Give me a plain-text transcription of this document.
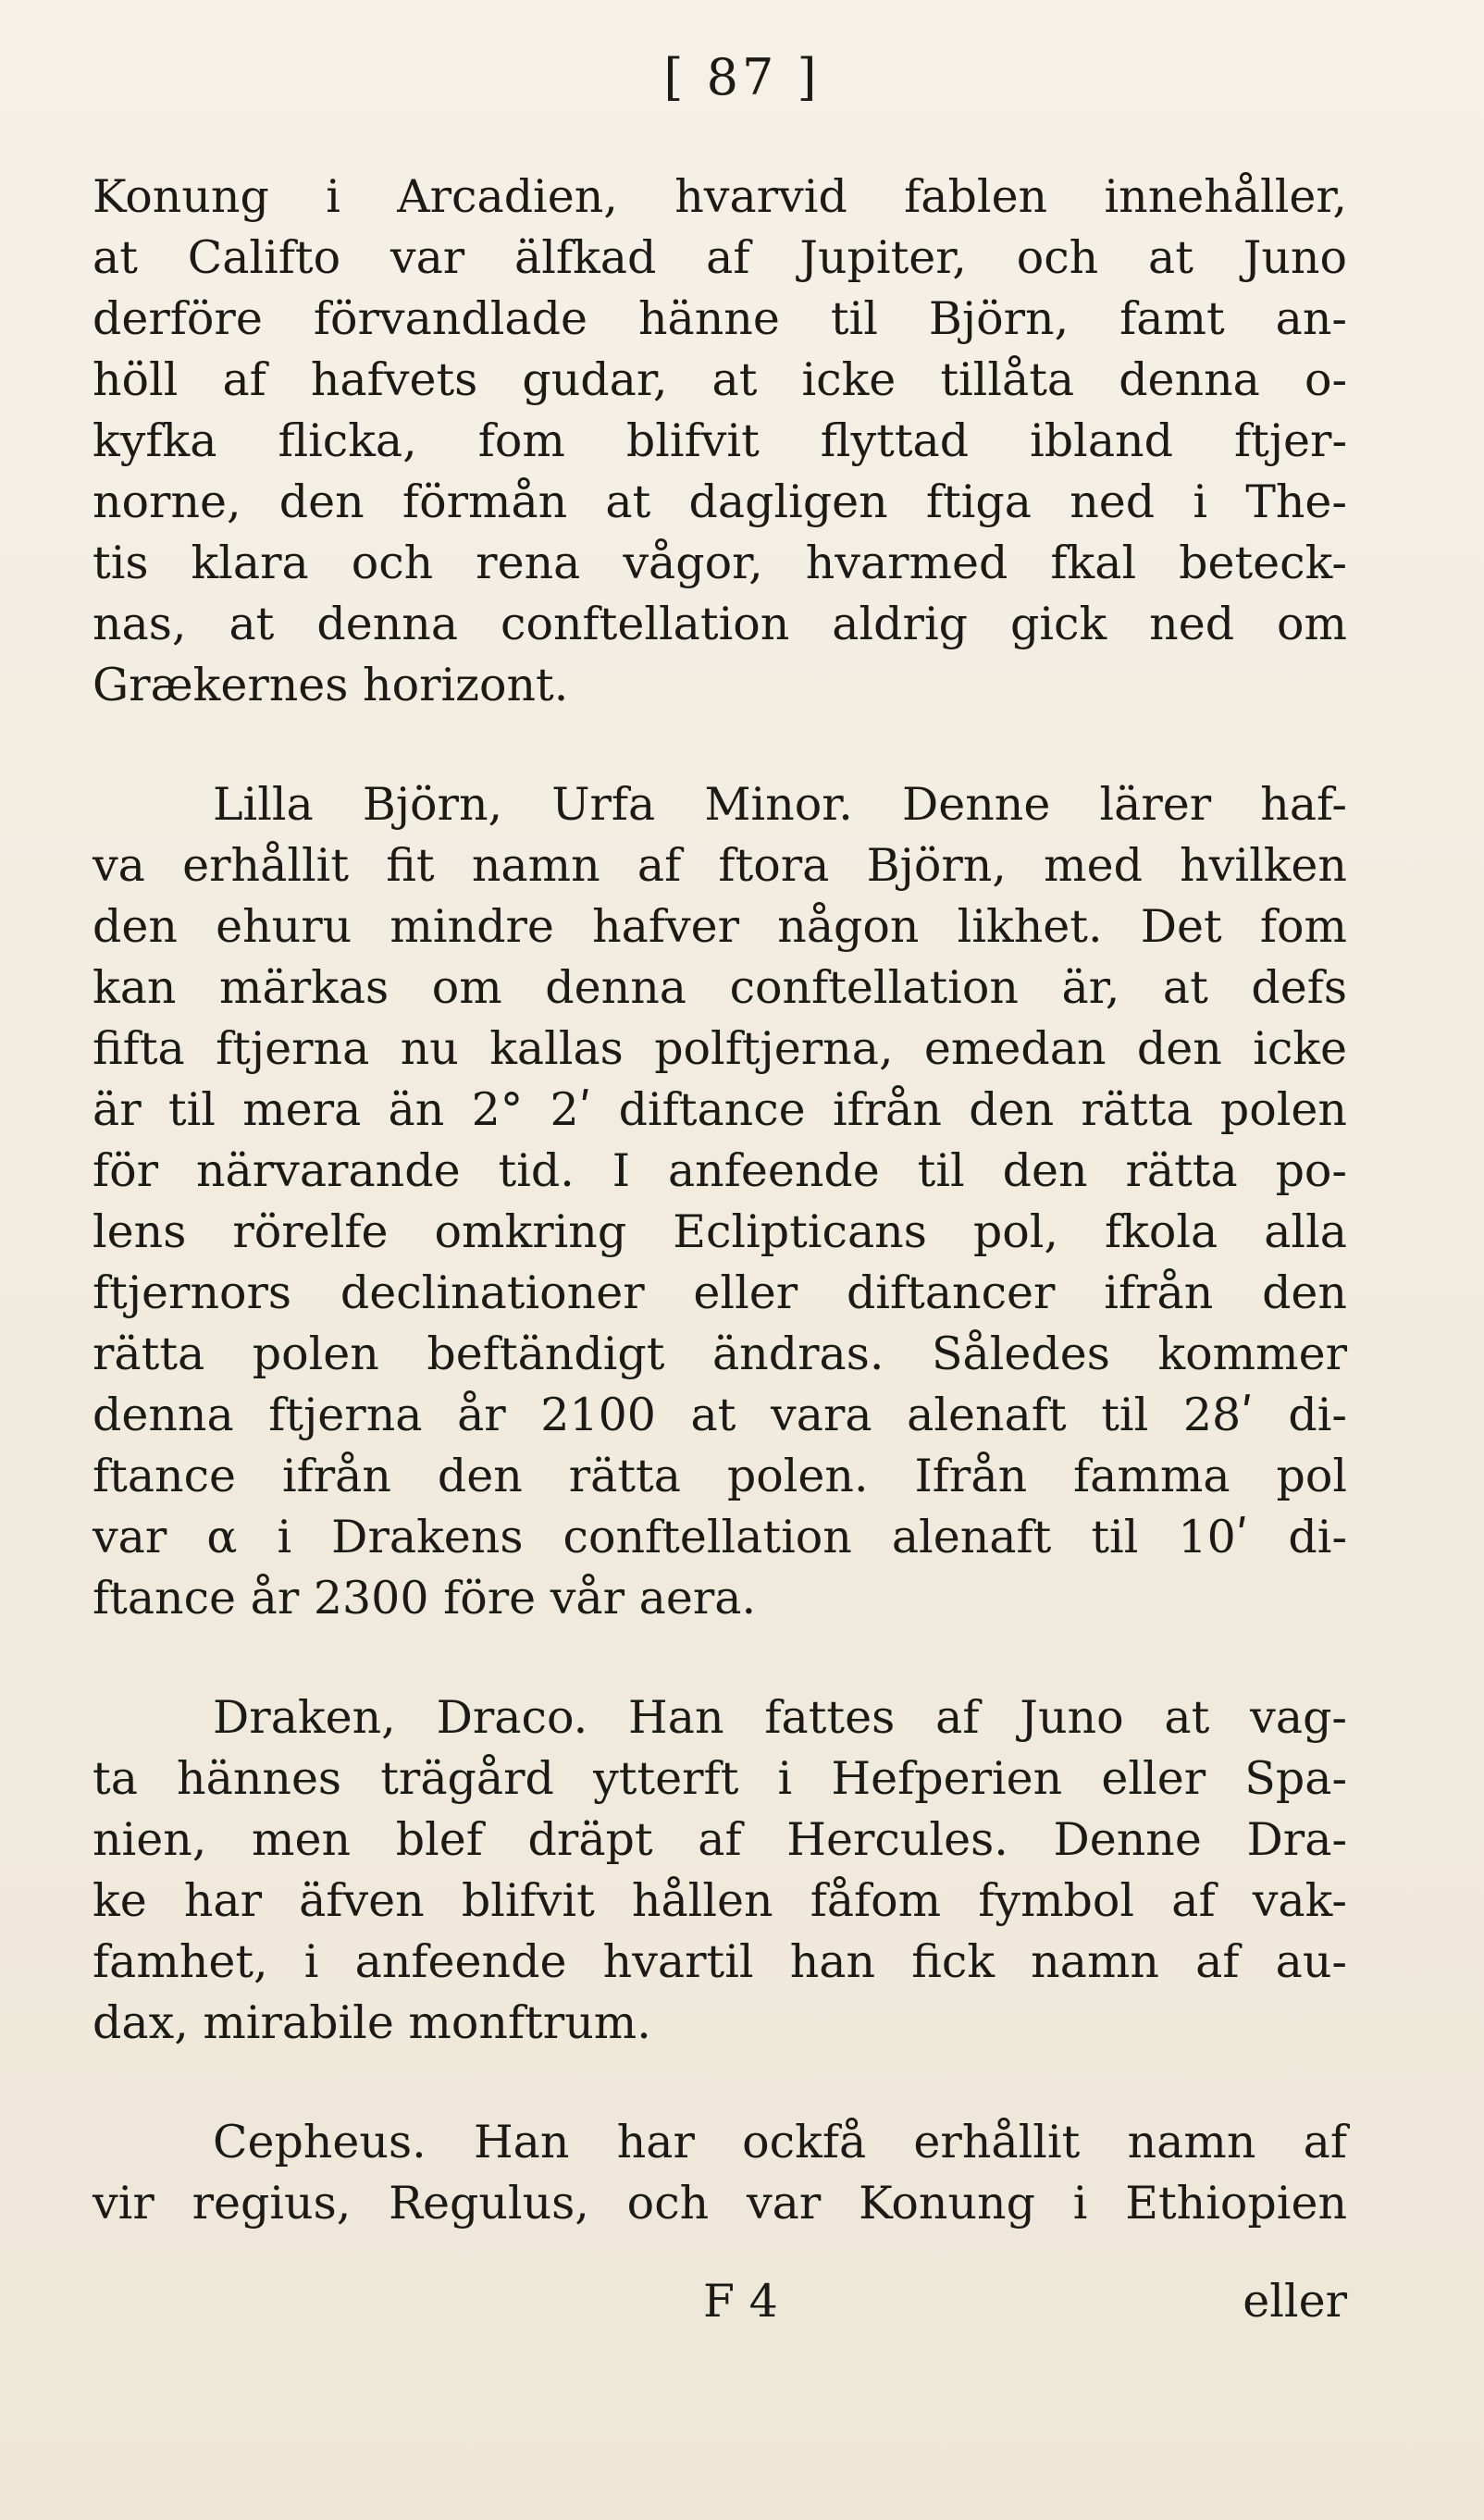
[ 87 ]
Konung i Arcadien, hvarvid fablen innehåller,
at Califto var älfkad af Jupiter, och at Juno
derföre förvandlade hänne til Björn, famt an-
höll af hafvets gudar, at icke tillåta denna o-
kyfka flicka, fom blifvit flyttad ibland ftjer-
norne, den förmån at dagligen ftiga ned i The-
tis klara och rena vågor, hvarmed fkal beteck-
nas, at denna conftellation aldrig gick ned om
Grækernes horizont.
Lilla Björn, Urfa Minor. Denne lärer haf-
va erhållit fit namn af ftora Björn, med hvilken
den ehuru mindre hafver någon likhet. Det fom
kan märkas om denna conftellation är, at defs
fifta ftjerna nu kallas polftjerna, emedan den icke
är til mera än 2° 2ʹ diftance ifrån den rätta polen
för närvarande tid. I anfeende til den rätta po-
lens rörelfe omkring Eclipticans pol, fkola alla
ftjernors declinationer eller diftancer ifrån den
rätta polen beftändigt ändras. Således kommer
denna ftjerna år 2100 at vara alenaft til 28ʹ di-
ftance ifrån den rätta polen. Ifrån famma pol
var α i Drakens conftellation alenaft til 10ʹ di-
ftance år 2300 före vår aera.
Draken, Draco. Han fattes af Juno at vag-
ta hännes trägård ytterft i Hefperien eller Spa-
nien, men blef dräpt af Hercules. Denne Dra-
ke har äfven blifvit hållen fåfom fymbol af vak-
famhet, i anfeende hvartil han fick namn af au-
dax, mirabile monftrum.
Cepheus. Han har ockfå erhållit namn af
vir regius, Regulus, och var Konung i Ethiopien
F 4	eller
